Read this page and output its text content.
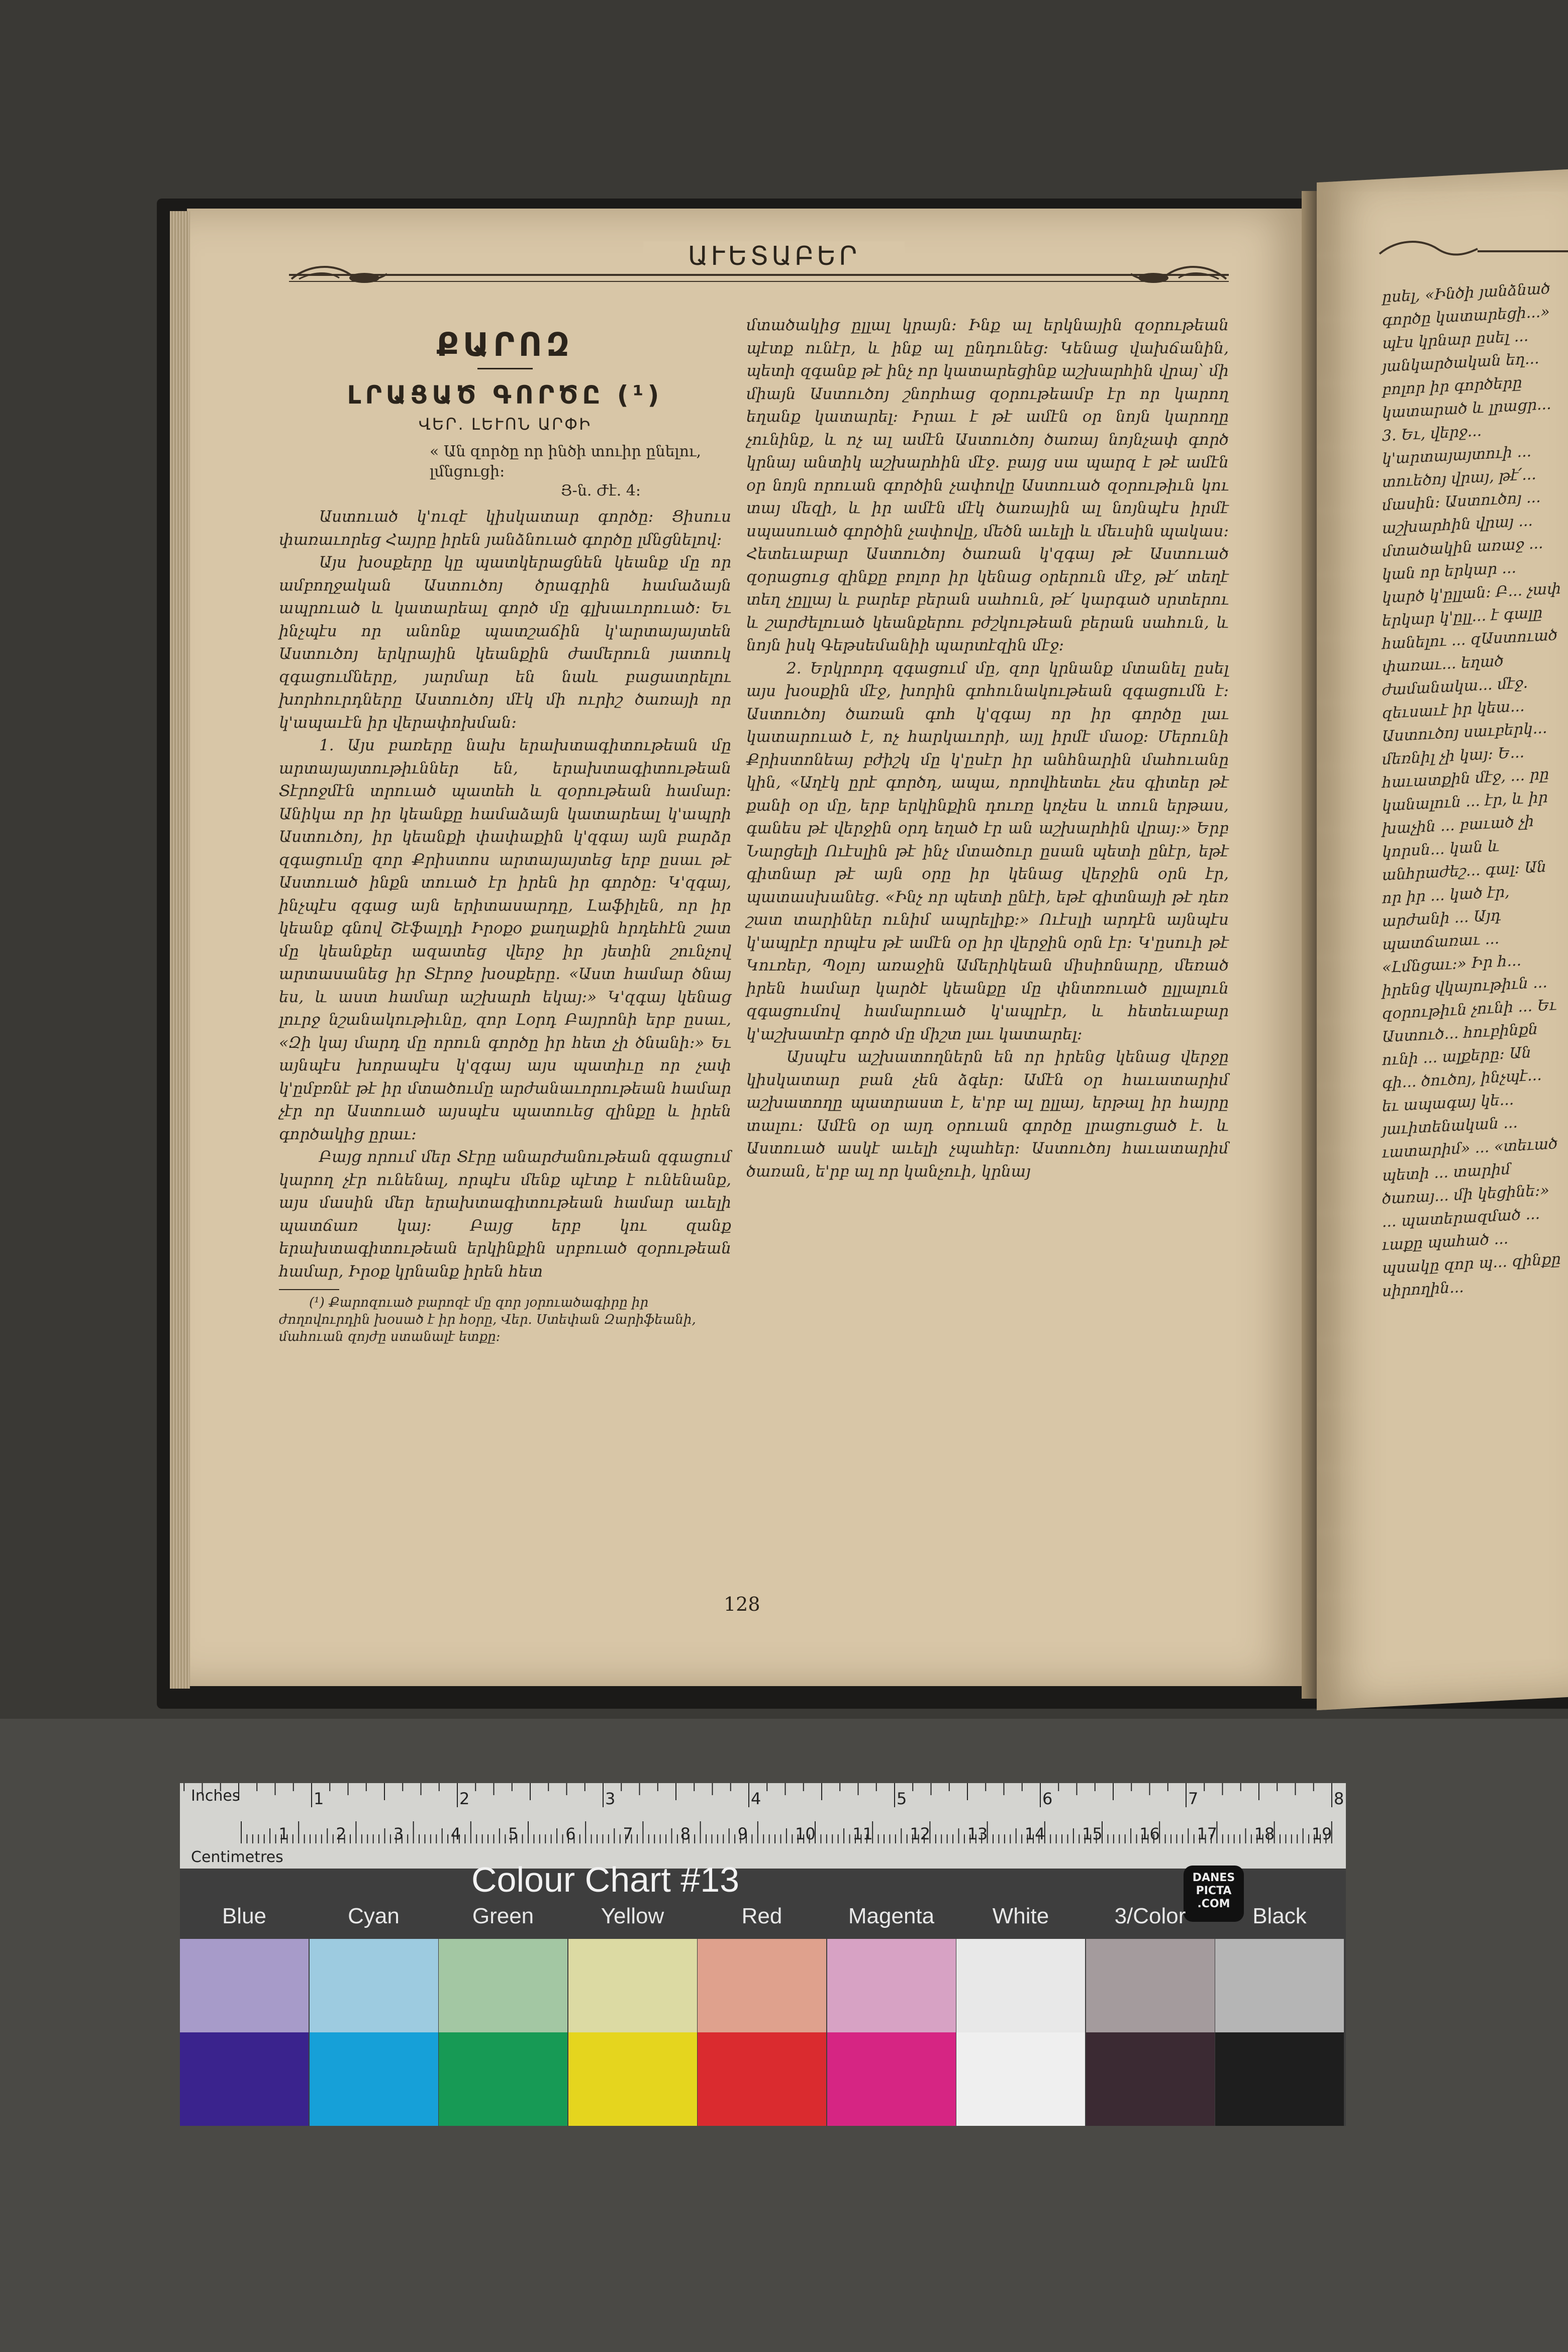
ԱՒԵՏԱԲԵՐ
ՔԱՐՈԶ
ԼՐԱՑԱԾ ԳՈՐԾԸ (¹)
ՎԵՐ. ԼԵՒՈՆ ԱՐՓԻ
« Ան զործը որ ինծի տուիր ընելու, լմնցուցի:
Յ-ն. Ժէ. 4:

Աստուած կ'ուզէ կիսկատար գործը։ Ցիսուս փառաւորեց Հայրը իրեն յանձնուած գործը լմնցնելով։

Այս խօսքերը կը պատկերացնեն կեանք մը որ ամբողջական Աստուծոյ ծրագրին համաձայն ապրուած և կատարեալ գործ մը գլխաւորուած։ Եւ ինչպէս որ անոնք պատշաճին կ'արտայայտեն Աստուծոյ երկրային կեանքին ժամերուն յատուկ զգացումները, յարմար են նաև բացատրելու խորհուրդները Աստուծոյ մէկ մի ուրիշ ծառայի որ կ'ապաւէն իր վերափոխման։

1. Այս բառերը նախ երախտագիտութեան մը արտայայտութիւններ են, երախտագիտութեան Տէրոջմէն տրուած պատեհ և զօրութեան համար։ Անիկա որ իր կեանքը համաձայն կատարեալ կ'ապրի Աստուծոյ, իր կեանքի փափաքին կ'զգայ այն բարձր զգացումը զոր Քրիստոս արտայայտեց երբ ըսաւ թէ Աստուած ինքն տուած էր իրեն իր գործը։ Կ'զգայ, ինչպէս զգաց այն երիտասարդը, Լաֆիլեն, որ իր կեանք գնով Շէֆալդի Իրօքօ քաղաքին հրդեհէն շատ մը կեանքեր ազատեց վերջ իր յետին շունչով արտասանեց իր Տէրոջ խօսքերը. «Աստ համար ծնայ ես, և աստ համար աշխարհ եկայ։» Կ'զգայ կենաց լուրջ նշանակութիւնը, զոր Լօրդ Բայրոնի երբ ըսաւ, «Զի կայ մարդ մը որուն գործը իր հետ չի ծնանի։» Եւ այնպէս խորապէս կ'զգայ այս պատիւը որ չափ կ'ըմբռնէ թէ իր մտածումը արժանաւորութեան համար չէր որ Աստուած այսպէս պատուեց զինքը և իրեն գործակից ըրաւ։

Բայց որում մեր Տէրը անարժանութեան զգացում կարող չէր ունենալ, որպէս մենք պէտք է ունենանք, այս մասին մեր երախտագիտութեան համար աւելի պատճառ կայ։ Բայց երբ կու զանք երախտագիտութեան երկինքին սրբուած զօրութեան համար, Իրօք կրնանք իրեն հետ

(¹) Քարոզուած բարոզէ մը զոր յօրուածագիրը իր ժողովուրդին խօսած է իր հօրը, Վեր. Ստեփան Զարիֆեանի, մահուան զոյժը ստանալէ ետքը։

մտածակից ըլլալ կրայն։ Ինք ալ երկնային զօրութեան պէտք ունէր, և ինք ալ ընդունեց։ Կենաց վախճանին, պետի զգանք թէ ինչ որ կատարեցինք աշխարհին վրայ՝ մի միայն Աստուծոյ շնորհաց զօրութեամբ էր որ կարող եղանք կատարել։ Իրաւ է թէ ամէն օր նոյն կարողը չունինք, և ոչ ալ ամէն Աստուծոյ ծառայ նոյնչափ գործ կրնայ անտիկ աշխարհին մէջ. բայց սա պարզ է թէ ամէն օր նոյն որուան գործին չափովը Աստուած զօրութիւն կու տայ մեզի, և իր ամէն մէկ ծառային ալ նոյնպէս իրմէ սպասուած գործին չափովը, մեծն աւելի և մեւսին պակաս։ Հետեւաբար Աստուծոյ ծառան կ'զգայ թէ Աստուած զօրացուց զինքը բոլոր իր կենաց օրերուն մէջ, թէ՛ տեղէ տեղ չըլլայ և բարեբ բերան սահուն, թէ՛ կարգած սրտերու և շարժելուած կեանքերու բժշկութեան բերան սահուն, և նոյն իսկ Գեթսեմանիի պարտէզին մէջ։

2. Երկրորդ զգացում մը, զոր կրնանք մտանել ըսել այս խօսքին մէջ, խորին գոհունակութեան զգացումն է։ Աստուծոյ ծառան գոհ կ'զգայ որ իր գործը լաւ կատարուած է, ոչ հարկաւորի, այլ իրմէ մաօք։ Մերունի Քրիստոնեայ բժիշկ մը կ'ըսէր իր անհնարին մահուանը կին, «Աղէկ ըրէ գործդ, ապա, որովհետեւ չես գիտեր թէ քանի օր մը, երբ երկինքին դուռը կոչես և տուն երթաս, գանես թէ վերջին օրդ եղած էր ան աշխարհին վրայ։» Երբ Նարցելի Ուէսլին թէ ինչ մտածուր ըսան պետի ընէր, եթէ գիտնար թէ այն օրը իր կենաց վերջին օրն էր, պատասխանեց. «Ինչ որ պետի ընէի, եթէ գիտնայի թէ դեռ շատ տարիներ ունիմ ապրելիք։» Ուէսլի արդէն այնպէս կ'ապրէր որպէս թէ ամէն օր իր վերջին օրն էր։ Կ'ըսուի թէ Կուռեր, Պօլոյ առաջին Ամերիկեան միսիոնարը, մեռած իրեն համար կարծէ կեանքը մը փնտռուած ըլլալուն զգացումով համարուած կ'ապրէր, և հետեւաբար կ'աշխատէր գործ մը միշտ լաւ կատարել։

Այսպէս աշխատողներն են որ իրենց կենաց վերջը կիսկատար բան չեն ձգեր։ Ամէն օր հաւատարիմ աշխատողը պատրաստ է, ե'րբ ալ ըլլայ, երթալ իր հայրը տալու։ Ամէն օր այդ օրուան գործը լրացուցած է. և Աստուած ասկէ աւելի չպահեր։ Աստուծոյ հաւատարիմ ծառան, ե'րբ ալ որ կանչուի, կրնայ

128
ըսել, «Ինծի յանձնած գործը կատարեցի...» պէս կրնար ըսել ... յանկարծական եղ... բոլոր իր գործերը կատարած և լրացր... 3. Եւ, վերջ... կ'արտայայտուի ... տուեծոյ վրայ, թէ՛... մասին։ Աստուծոյ ... աշխարհին վրայ ... մտածակին առաջ ... կան որ երկար ... կարծ կ'ըլլան։ Բ... չափ երկար կ'ըլլ... է գալը հանելու ... զԱստուած փառաւ... եղած ժամանակա... մէջ. զեւսաւէ իր կեա... Աստուծոյ սաւբերկ... մեռնիլ չի կայ։ Ե... հաւատքին մէջ, ... րը կանալուն ... էր, և իր խաչին ... բաւած չի կորսն... կան և անհրաժեշ... գալ։ Ան որ իր ... կած էր, արժանի ... Այդ պատճառաւ ... «Լմնցաւ։» Իր հ... իրենց վկայութիւն ... զօրութիւն չունի ... Եւ Աստուծ... հուբինքն ունի ... ալքերը։ Ան գի... ծուծոյ, ինչպէ... եւ ապագայ կե... յաւիտենական ... ւատարիմ» ... «տեւած պետի ... տարիմ ծառայ... մի կեցինե։» ... պատերազմած ... ւաքը պահած ... պսակը զոր պ... զինքը սիրողին...
1	2	3	4	5	6	7	8
1	2	3	4	5	6	7	8	9	10 11 12 13 14 15 16 17 18 19
Inches
Centimetres
Colour Chart #13	DANES PICTA .COM
Blue	Cyan	Green	Yellow	Red	Magenta	White	3/Color	Black
